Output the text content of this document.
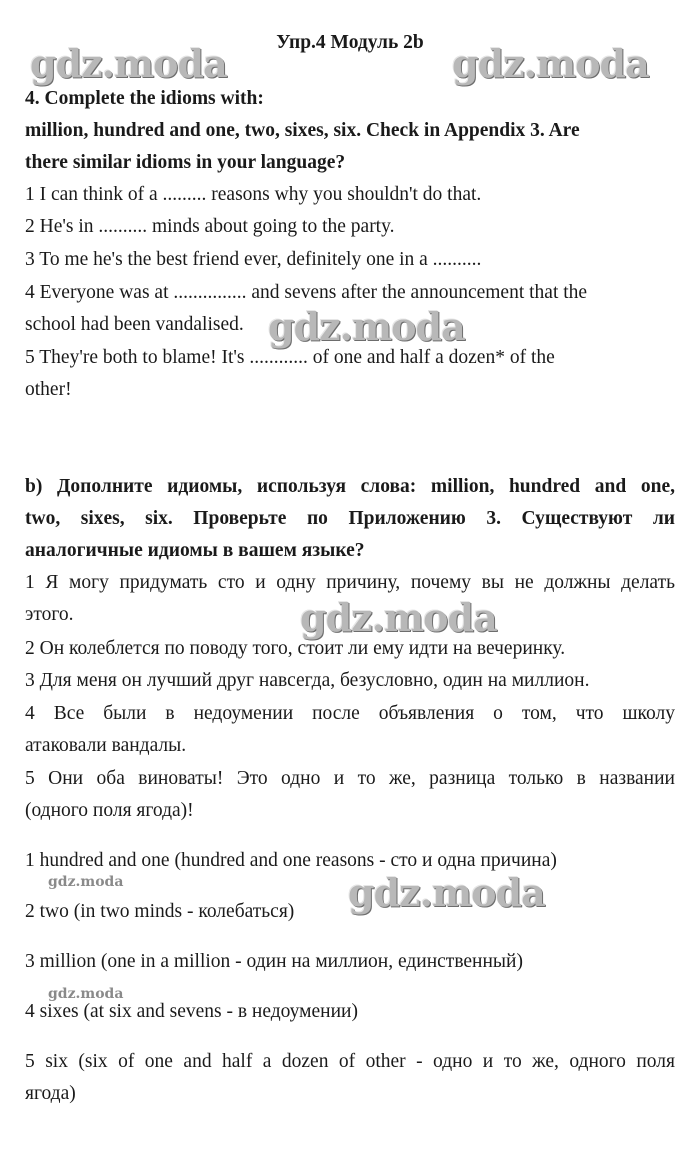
Упр.4 Модуль 2b
4. Complete the idioms with:
million, hundred and one, two, sixes, six. Check in Appendix 3. Are
there similar idioms in your language?
1 I can think of a ......... reasons why you shouldn't do that.
2 He's in .......... minds about going to the party.
3 To me he's the best friend ever, definitely one in a ..........
4 Everyone was at ............... and sevens after the announcement that the
school had been vandalised.
5 They're both to blame! It's ............ of one and half a dozen* of the
other!
b) Дополните идиомы, используя слова: million, hundred and one,
two, sixes, six. Проверьте по Приложению 3. Существуют ли
аналогичные идиомы в вашем языке?
1 Я могу придумать сто и одну причину, почему вы не должны делать
этого.
2 Он колеблется по поводу того, стоит ли ему идти на вечеринку.
3 Для меня он лучший друг навсегда, безусловно, один на миллион.
4 Все были в недоумении после объявления о том, что школу
атаковали вандалы.
5 Они оба виноваты! Это одно и то же, разница только в названии
(одного поля ягода)!
1 hundred and one (hundred and one reasons - сто и одна причина)
2 two (in two minds - колебаться)
3 million (one in a million - один на миллион, единственный)
4 sixes (at six and sevens - в недоумении)
5 six (six of one and half a dozen of other - одно и то же, одного поля
ягода)
gdz.moda	gdz.moda
gdz.moda
gdz.moda
gdz.moda
gdz.moda
gdz.moda
